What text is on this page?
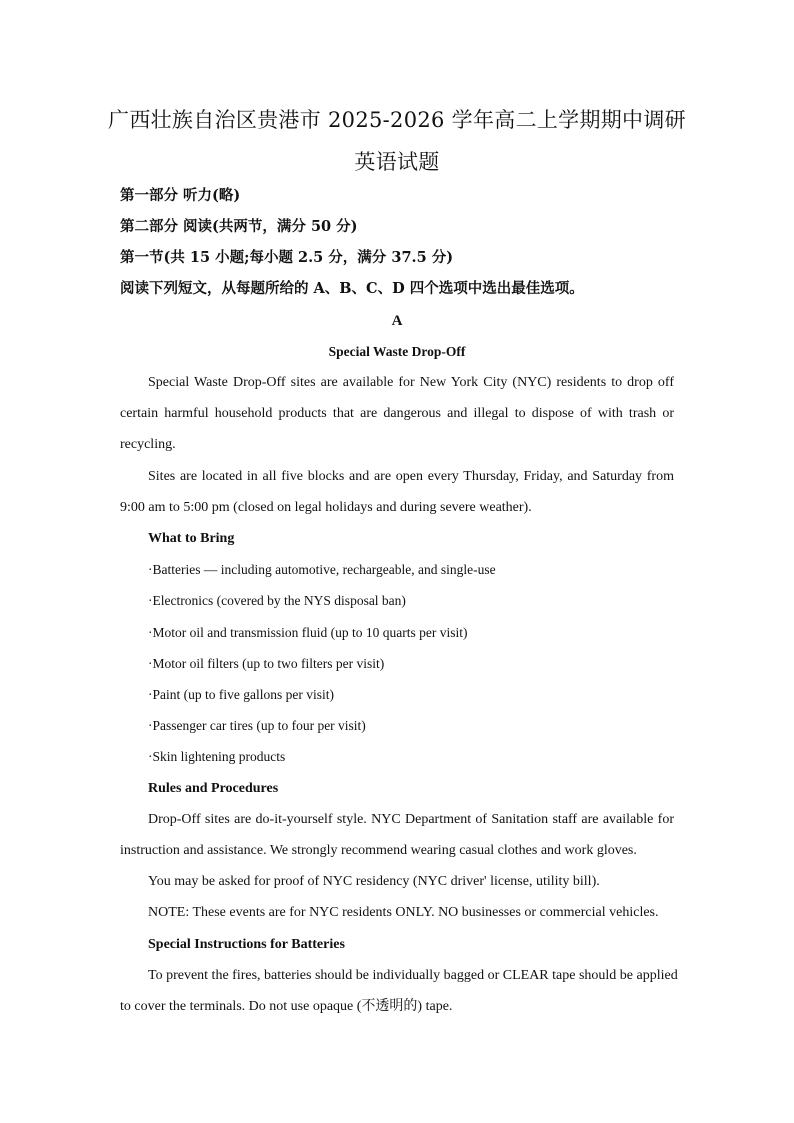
广西壮族自治区贵港市 2025-2026 学年高二上学期期中调研
英语试题
第一部分 听力(略)
第二部分 阅读(共两节，满分 50 分)
第一节(共 15 小题;每小题 2.5 分，满分 37.5 分)
阅读下列短文，从每题所给的 A、B、C、D 四个选项中选出最佳选项。
A
Special Waste Drop-Off
Special Waste Drop-Off sites are available for New York City (NYC) residents to drop off
certain harmful household products that are dangerous and illegal to dispose of with trash or
recycling.
Sites are located in all five blocks and are open every Thursday, Friday, and Saturday from
9:00 am to 5:00 pm (closed on legal holidays and during severe weather).
What to Bring
·Batteries — including automotive, rechargeable, and single-use
·Electronics (covered by the NYS disposal ban)
·Motor oil and transmission fluid (up to 10 quarts per visit)
·Motor oil filters (up to two filters per visit)
·Paint (up to five gallons per visit)
·Passenger car tires (up to four per visit)
·Skin lightening products
Rules and Procedures
Drop-Off sites are do-it-yourself style. NYC Department of Sanitation staff are available for
instruction and assistance. We strongly recommend wearing casual clothes and work gloves.
You may be asked for proof of NYC residency (NYC driver' license, utility bill).
NOTE: These events are for NYC residents ONLY. NO businesses or commercial vehicles.
Special Instructions for Batteries
To prevent the fires, batteries should be individually bagged or CLEAR tape should be applied
to cover the terminals. Do not use opaque (不透明的) tape.
